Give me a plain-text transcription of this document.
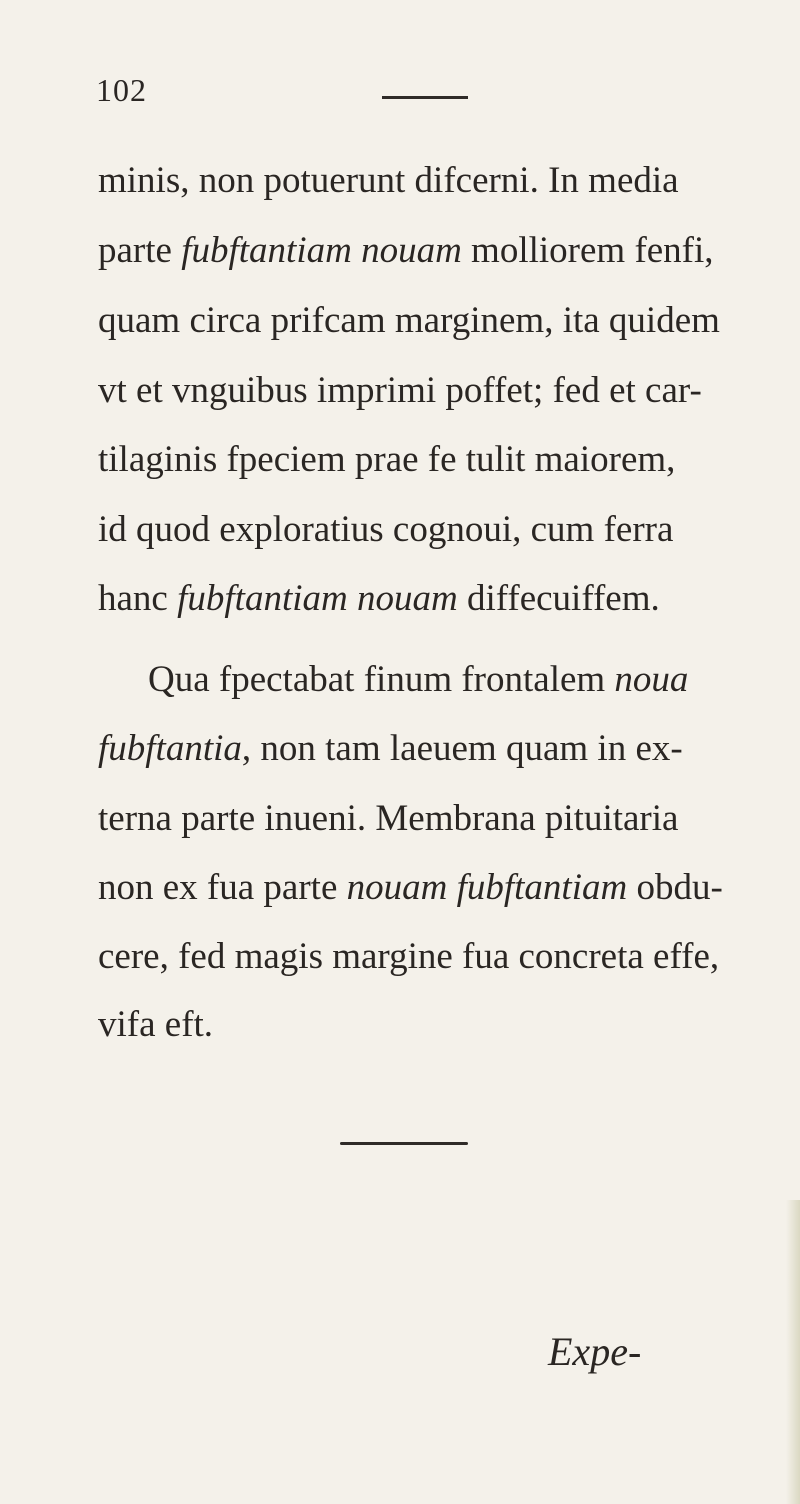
102
minis, non potuerunt difcerni. In media
parte fubftantiam nouam molliorem fenfi,
quam circa prifcam marginem, ita quidem
vt et vnguibus imprimi poffet; fed et car-
tilaginis fpeciem prae fe tulit maiorem,
id quod exploratius cognoui, cum ferra
hanc fubftantiam nouam diffecuiffem.
Qua fpectabat finum frontalem noua
fubftantia, non tam laeuem quam in ex-
terna parte inueni. Membrana pituitaria
non ex fua parte nouam fubftantiam obdu-
cere, fed magis margine fua concreta effe,
vifa eft.
Expe-
